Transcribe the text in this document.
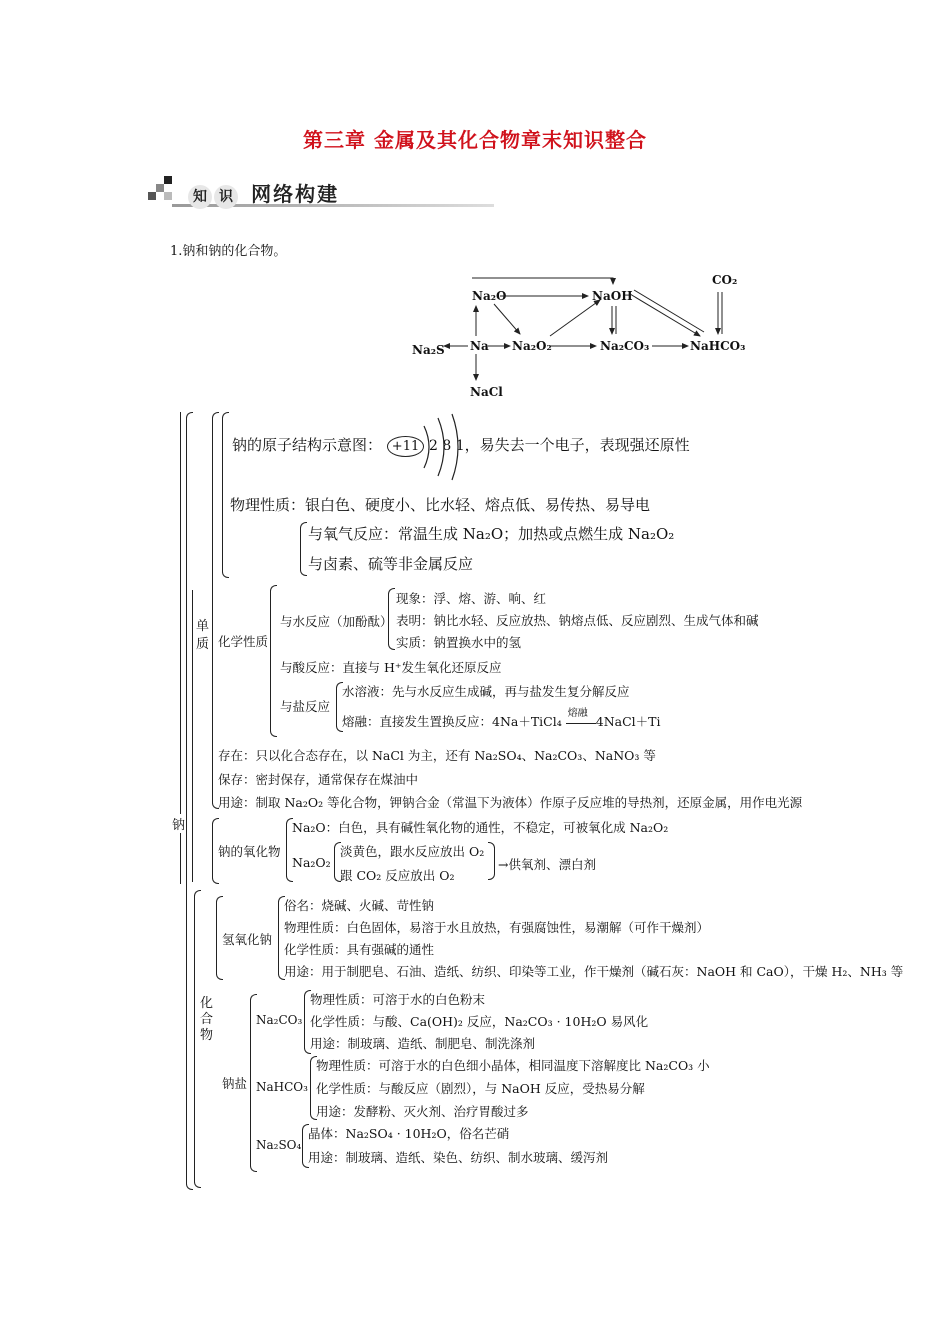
第三章 金属及其化合物章末知识整合
知 识 网络构建
1.钠和钠的化合物。
Na₂O	NaOH
CO₂
Na₂S Na Na₂O₂	Na₂CO₃	NaHCO₃
NaCl
钠
单质
钠的原子结构示意图： +11 2 8 1，易失去一个电子，表现强还原性
物理性质：银白色、硬度小、比水轻、熔点低、易传热、易导电
与氧气反应：常温生成 Na₂O；加热或点燃生成 Na₂O₂
与卤素、硫等非金属反应
化学性质
与水反应（加酚酞）
现象：浮、熔、游、响、红
表明：钠比水轻、反应放热、钠熔点低、反应剧烈、生成气体和碱
实质：钠置换水中的氢
与酸反应：直接与 H⁺发生氧化还原反应
与盐反应
水溶液：先与水反应生成碱，再与盐发生复分解反应
熔融：直接发生置换反应：4Na＋TiCl₄
熔融
4NaCl＋Ti
存在：只以化合态存在，以 NaCl 为主，还有 Na₂SO₄、Na₂CO₃、NaNO₃ 等
保存：密封保存，通常保存在煤油中
用途：制取 Na₂O₂ 等化合物，钾钠合金（常温下为液体）作原子反应堆的导热剂，还原金属，用作电光源
钠的氧化物
Na₂O：白色，具有碱性氧化物的通性，不稳定，可被氧化成 Na₂O₂
Na₂O₂
淡黄色，跟水反应放出 O₂
跟 CO₂ 反应放出 O₂
→供氧剂、漂白剂
化合物
氢氧化钠
俗名：烧碱、火碱、苛性钠
物理性质：白色固体，易溶于水且放热，有强腐蚀性，易潮解（可作干燥剂）
化学性质：具有强碱的通性
用途：用于制肥皂、石油、造纸、纺织、印染等工业，作干燥剂（碱石灰：NaOH 和 CaO），干燥 H₂、NH₃ 等
钠盐
Na₂CO₃
物理性质：可溶于水的白色粉末
化学性质：与酸、Ca(OH)₂ 反应，Na₂CO₃ · 10H₂O 易风化
用途：制玻璃、造纸、制肥皂、制洗涤剂
NaHCO₃
物理性质：可溶于水的白色细小晶体，相同温度下溶解度比 Na₂CO₃ 小
化学性质：与酸反应（剧烈），与 NaOH 反应，受热易分解
用途：发酵粉、灭火剂、治疗胃酸过多
Na₂SO₄
晶体：Na₂SO₄ · 10H₂O，俗名芒硝
用途：制玻璃、造纸、染色、纺织、制水玻璃、缓泻剂
